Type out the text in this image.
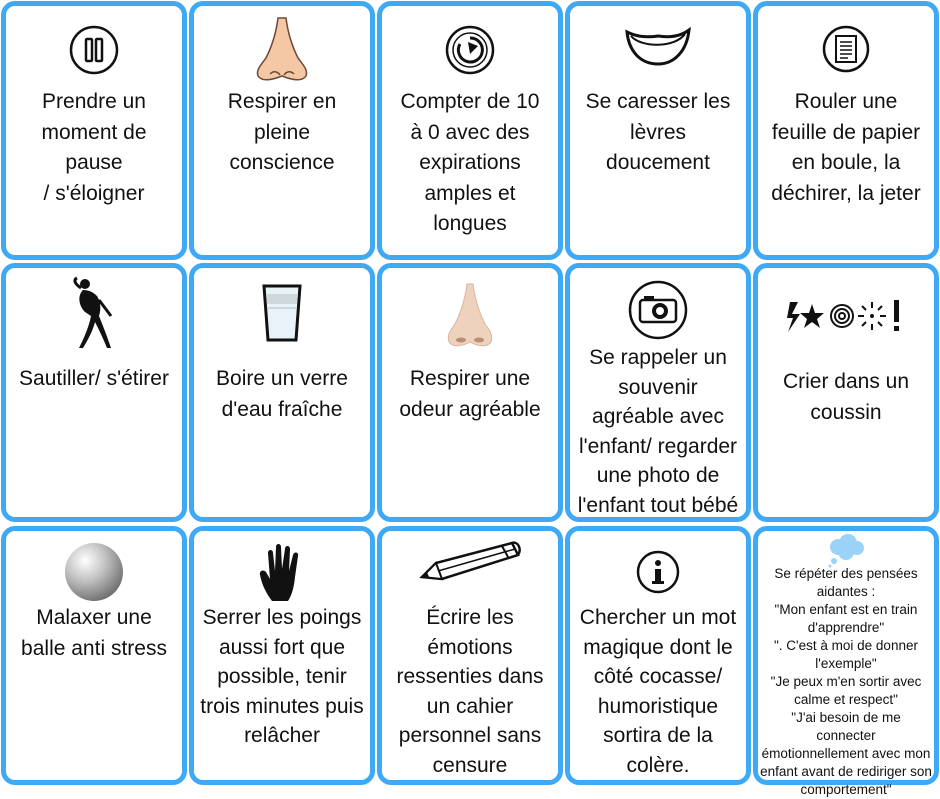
Prendre un
moment de
pause
/ s'éloigner
Respirer en
pleine
conscience
Compter de 10
à 0 avec des
expirations
amples et
longues
Se caresser les
lèvres
doucement
Rouler une
feuille de papier
en boule, la
déchirer, la jeter
Sautiller/ s'étirer	Boire un verre
d'eau fraîche
Respirer une
odeur agréable
Se rappeler un
souvenir
agréable avec
l'enfant/ regarder
une photo de
l'enfant tout bébé
Crier dans un
coussin
Malaxer une
balle anti stress
Serrer les poings
aussi fort que
possible, tenir
trois minutes puis
relâcher
Écrire les
émotions
ressenties dans
un cahier
personnel sans
censure
Chercher un mot
magique dont le
côté cocasse/
humoristique
sortira de la
colère.
Se répéter des pensées
aidantes :
"Mon enfant est en train
d'apprendre"
". C'est à moi de donner
l'exemple"
"Je peux m'en sortir avec
calme et respect"
"J'ai besoin de me connecter
émotionnellement avec mon
enfant avant de rediriger son
comportement"
